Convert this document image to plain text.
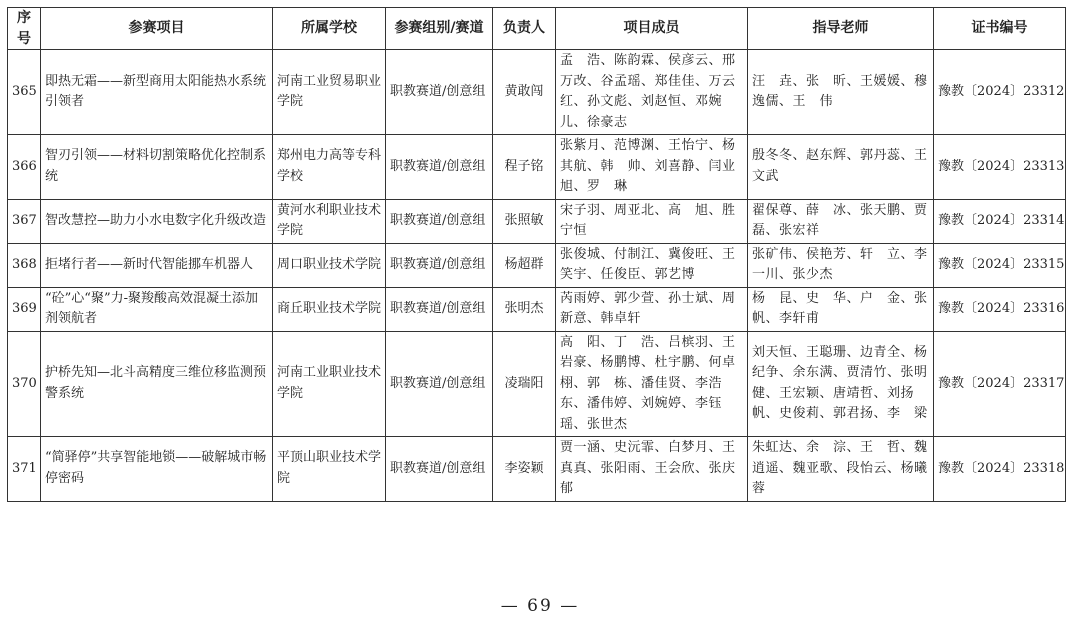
序号	参赛项目	所属学校	参赛组别/赛道	负责人	项目成员	指导老师	证书编号
365	即热无霜——新型商用太阳能热水系统引领者	河南工业贸易职业学院	职教赛道/创意组	黄敢闯	孟　浩、陈韵霖、侯彦云、邢万改、谷孟瑶、郑佳佳、万云红、孙文彪、刘赵恒、邓婉儿、徐豪志	汪　垚、张　昕、王媛媛、穆逸儒、王　伟	豫教〔2024〕23312
366	智刃引领——材料切割策略优化控制系统	郑州电力高等专科学校	职教赛道/创意组	程子铭	张紫月、范博渊、王怡宁、杨其航、韩　帅、刘喜静、闫业旭、罗　琳	殷冬冬、赵东辉、郭丹蕊、王文武	豫教〔2024〕23313
367	智改慧控—助力小水电数字化升级改造	黄河水利职业技术学院	职教赛道/创意组	张照敏	宋子羽、周亚北、高　旭、胜宁恒	翟保尊、薛　冰、张天鹏、贾　磊、张宏祥	豫教〔2024〕23314
368	拒堵行者——新时代智能挪车机器人	周口职业技术学院	职教赛道/创意组	杨超群	张俊城、付制江、冀俊旺、王笑宇、任俊臣、郭艺博	张矿伟、侯艳芳、轩　立、李一川、张少杰	豫教〔2024〕23315
369	“砼”心“聚”力-聚羧酸高效混凝土添加剂领航者	商丘职业技术学院	职教赛道/创意组	张明杰	芮雨婷、郭少萱、孙士斌、周新意、韩卓轩	杨　昆、史　华、户　金、张　帆、李轩甫	豫教〔2024〕23316
370	护桥先知—北斗高精度三维位移监测预警系统	河南工业职业技术学院	职教赛道/创意组	凌瑞阳	高　阳、丁　浩、吕槟羽、王岩豪、杨鹏博、杜宇鹏、何卓栩、郭　栋、潘佳贤、李浩东、潘伟婷、刘婉婷、李钰瑶、张世杰	刘天恒、王聪珊、边青全、杨纪争、余东满、贾清竹、张明健、王宏颖、唐靖哲、刘扬帆、史俊莉、郭君扬、李　梁	豫教〔2024〕23317
371	“简驿停”共享智能地锁——破解城市畅停密码	平顶山职业技术学院	职教赛道/创意组	李姿颖	贾一涵、史沅霏、白梦月、王真真、张阳雨、王会欣、张庆郁	朱虹达、余　淙、王　哲、魏逍遥、魏亚歌、段怡云、杨曦蓉	豫教〔2024〕23318
— 69 —
